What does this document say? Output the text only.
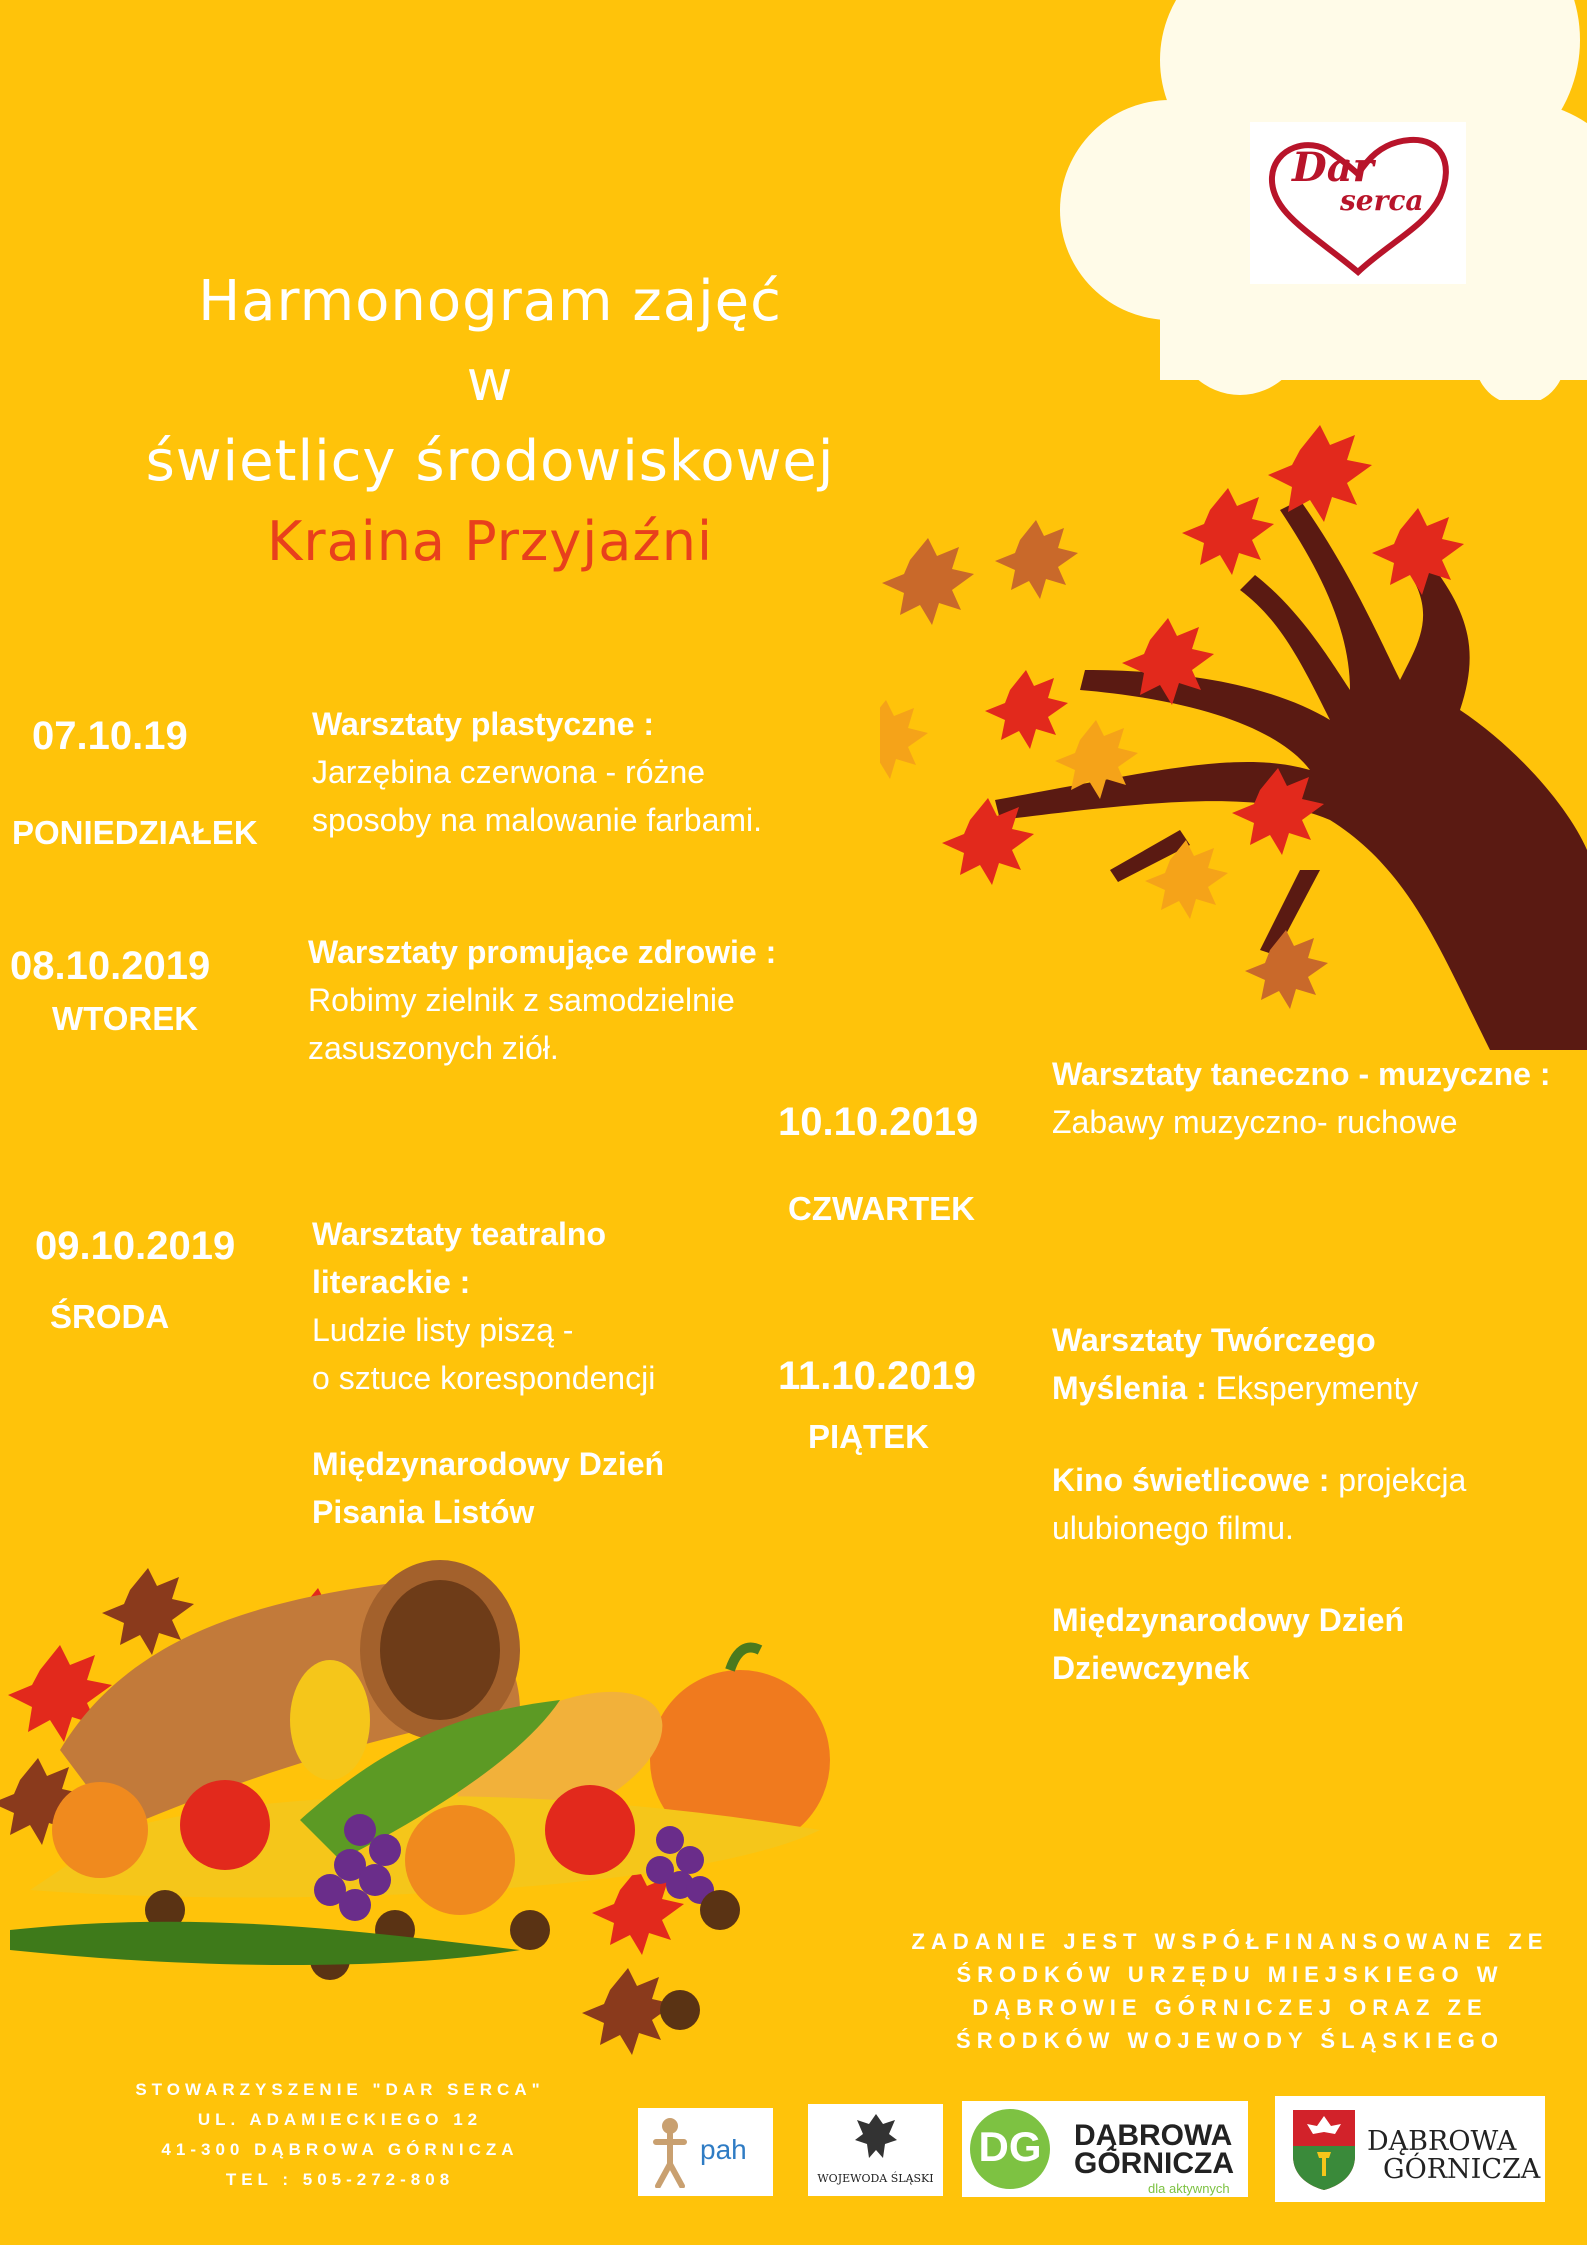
Dar
serca
Harmonogram zajęć
w
świetlicy środowiskowej
Kraina Przyjaźni
07.10.19
PONIEDZIAŁEK
Warsztaty plastyczne :
Jarzębina czerwona - różne sposoby na malowanie farbami.
08.10.2019
WTOREK
Warsztaty promujące zdrowie :
Robimy zielnik z samodzielnie zasuszonych ziół.
09.10.2019
ŚRODA
Warsztaty teatralno literackie :
Ludzie listy piszą -
o sztuce korespondencji
Międzynarodowy Dzień Pisania Listów
10.10.2019
CZWARTEK
Warsztaty taneczno - muzyczne :
Zabawy muzyczno- ruchowe
11.10.2019
PIĄTEK
Warsztaty Twórczego
Myślenia : Eksperymenty
Kino świetlicowe : projekcja ulubionego filmu.
Międzynarodowy Dzień Dziewczynek
ZADANIE JEST WSPÓŁFINANSOWANE ZE
ŚRODKÓW URZĘDU MIEJSKIEGO W
DĄBROWIE GÓRNICZEJ ORAZ ZE
ŚRODKÓW WOJEWODY ŚLĄSKIEGO
STOWARZYSZENIE "DAR SERCA"
UL. ADAMIECKIEGO 12
41-300 DĄBROWA GÓRNICZA
TEL : 505-272-808
pah
WOJEWODA ŚLĄSKI
DG DĄBROWA
GÓRNICZA
dla aktywnych
DĄBROWA
GÓRNICZA
